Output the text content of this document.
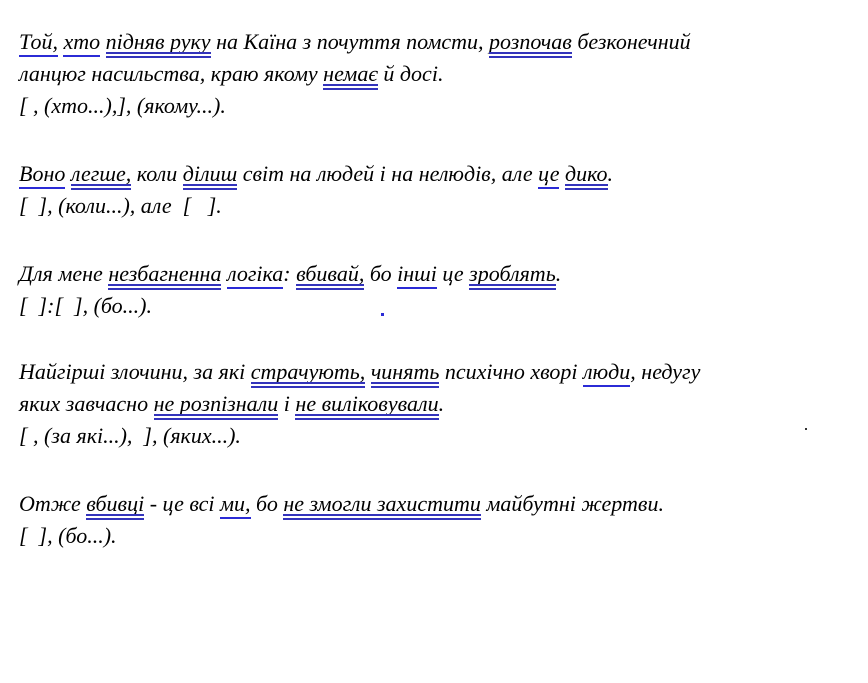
Той, хто підняв руку на Каїна з почуття помсти, розпочав безконечний
ланцюг насильства, краю якому немає й досі.
[ , (хто...),], (якому...).
Воно легше, коли ділиш світ на людей і на нелюдів, але це дико.
[  ], (коли...), але  [   ].
Для мене незбагненна логіка: вбивай, бо інші це зроблять.
[  ]:[  ], (бо...).
Найгірші злочини, за які страчують, чинять психічно хворі люди, недугу
яких завчасно не розпізнали і не виліковували.
[ , (за які...),  ], (яких...).
Отже вбивці - це всі ми, бо не змогли захистити майбутні жертви.
[  ], (бо...).
